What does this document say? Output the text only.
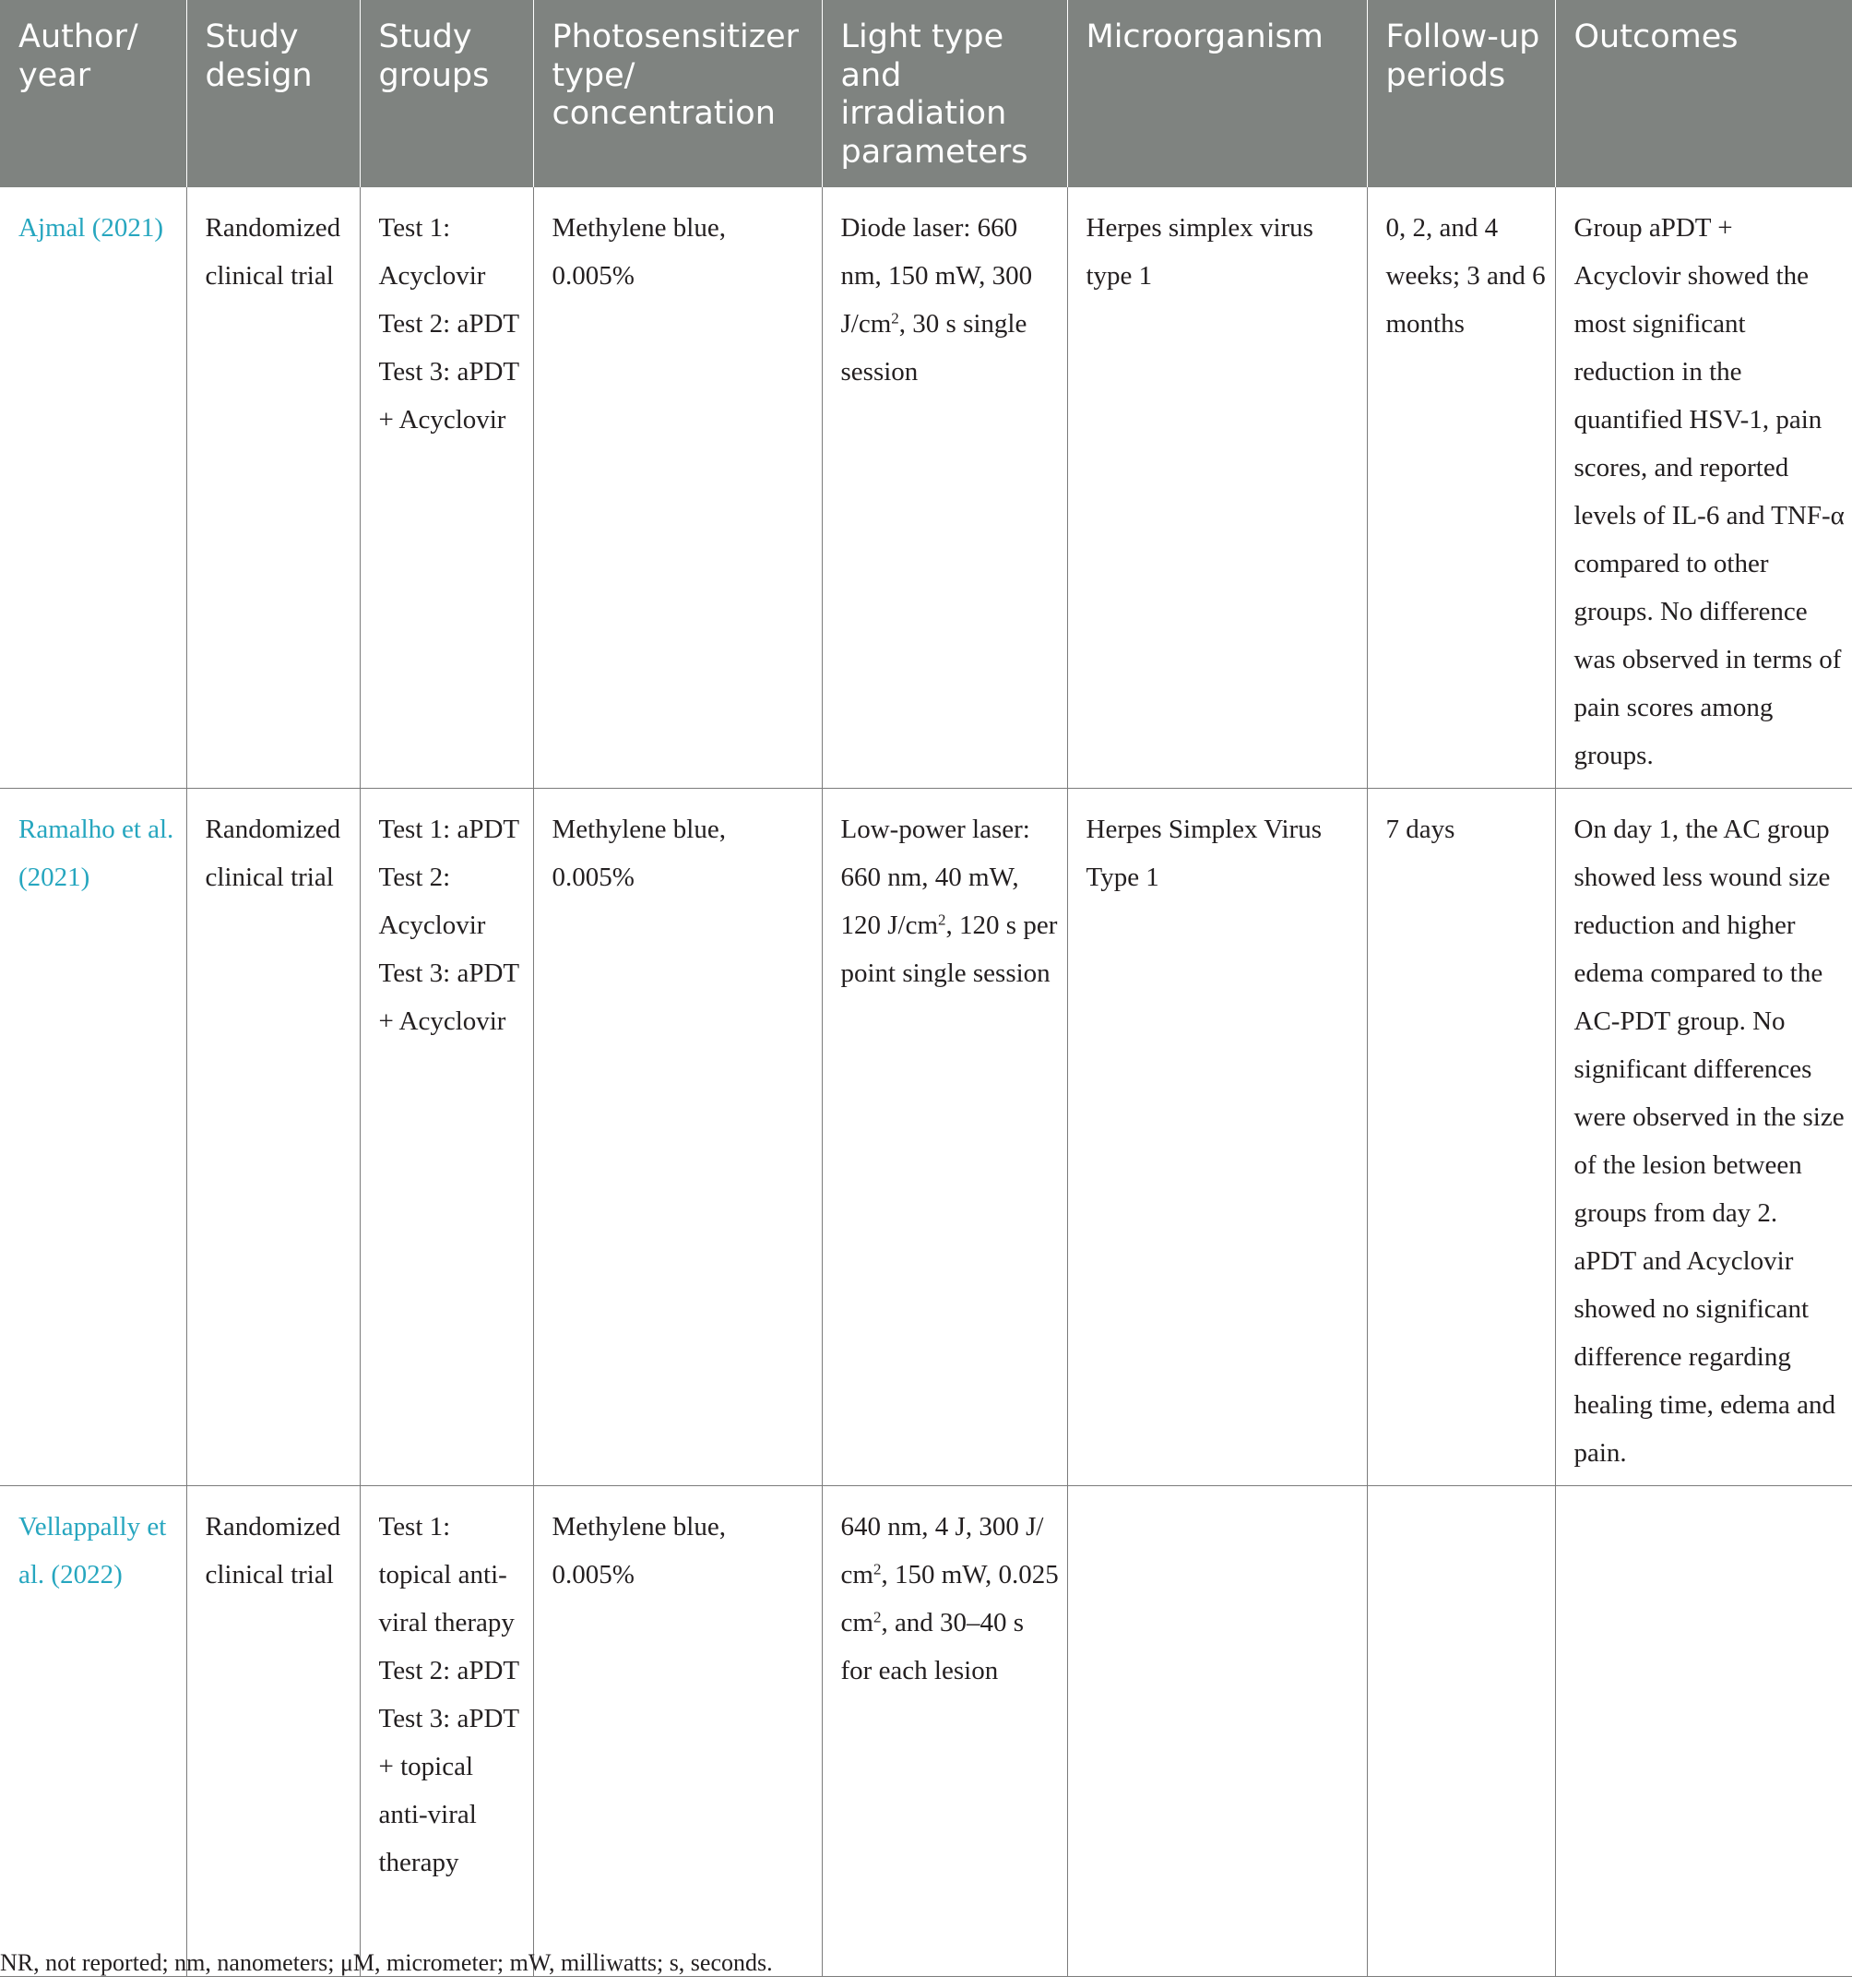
Author/ year	Study design	Study groups	Photosensitizer type/ concentration	Light type and irradiation parameters	Microorganism	Follow-up periods	Outcomes
Ajmal (2021)	Randomized clinical trial	Test 1: Acyclovir Test 2: aPDT Test 3: aPDT + Acyclovir	Methylene blue, 0.005%	Diode laser: 660 nm, 150 mW, 300 $J/cm^2$, 30 s single session	Herpes simplex virus type 1	0, 2, and 4 weeks; 3 and 6 months	Group aPDT + Acyclovir showed the most significant reduction in the quantified HSV-1, pain scores, and reported levels of IL-6 and TNF-α compared to other groups. No difference was observed in terms of pain scores among groups.
Ramalho et al. (2021)	Randomized clinical trial	Test 1: aPDT Test 2: Acyclovir Test 3: aPDT + Acyclovir	Methylene blue, 0.005%	Low-power laser: 660 nm, 40 mW, 120 $J/cm^2$, 120 s per point single session	Herpes Simplex Virus Type 1	7 days	On day 1, the AC group showed less wound size reduction and higher edema compared to the AC-PDT group. No significant differences were observed in the size of the lesion between groups from day 2. aPDT and Acyclovir showed no significant difference regarding healing time, edema and pain.
Vellappally et al. (2022)	Randomized clinical trial	Test 1: topical anti-viral therapy Test 2: aPDT Test 3: aPDT + topical anti-viral therapy	Methylene blue, 0.005%	640 nm, 4 J, 300 J/ $cm^2$, 150 mW, 0.025 $cm^2$, and 30–40 s for each lesion			
NR, not reported; nm, nanometers; μM, micrometer; mW, milliwatts; s, seconds.
